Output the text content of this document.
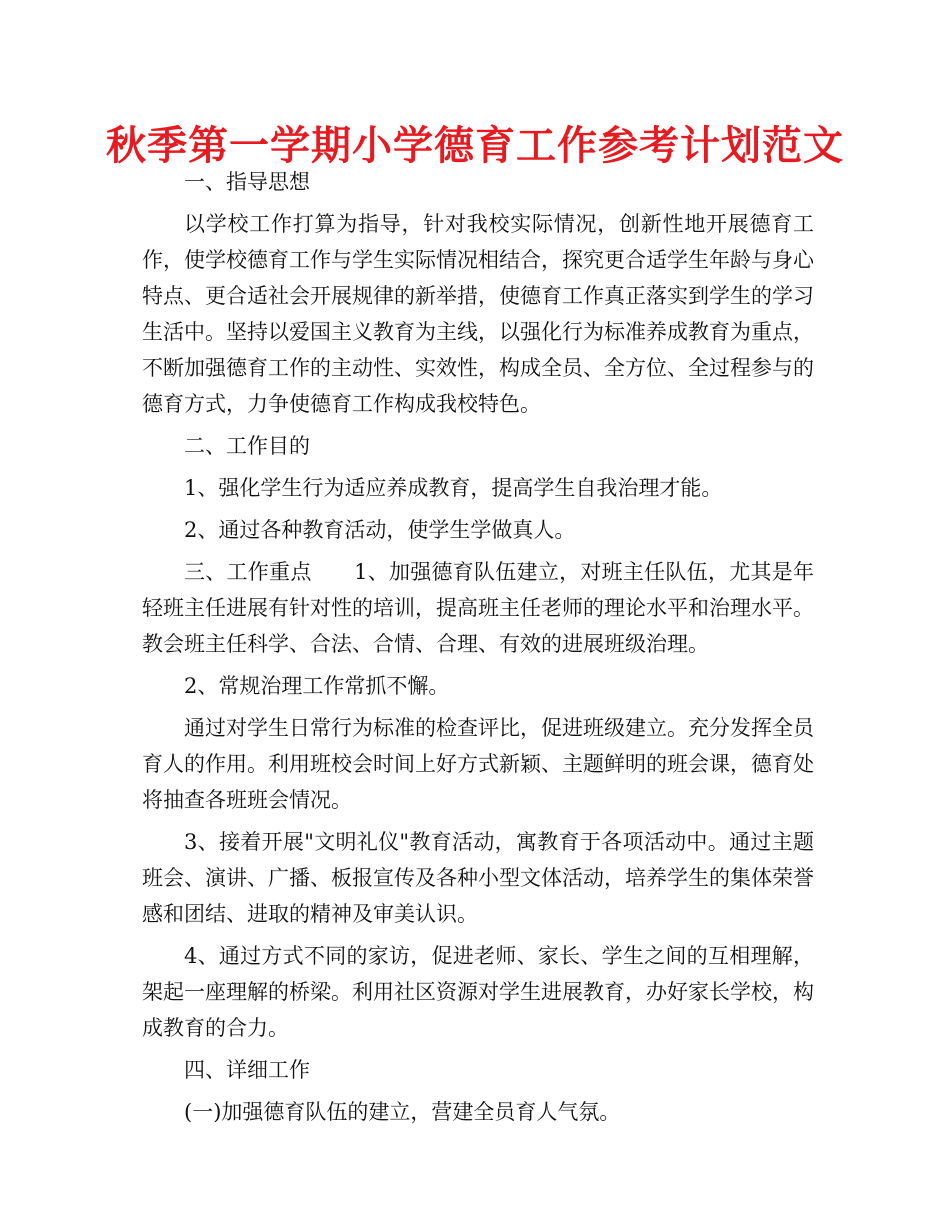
秋季第一学期小学德育工作参考计划范文

一、指导思想

以学校工作打算为指导，针对我校实际情况，创新性地开展德育工作，使学校德育工作与学生实际情况相结合，探究更合适学生年龄与身心特点、更合适社会开展规律的新举措，使德育工作真正落实到学生的学习生活中。坚持以爱国主义教育为主线，以强化行为标准养成教育为重点，不断加强德育工作的主动性、实效性，构成全员、全方位、全过程参与的德育方式，力争使德育工作构成我校特色。

二、工作目的

1、强化学生行为适应养成教育，提高学生自我治理才能。

2、通过各种教育活动，使学生学做真人。

三、工作重点　　1、加强德育队伍建立，对班主任队伍，尤其是年轻班主任进展有针对性的培训，提高班主任老师的理论水平和治理水平。教会班主任科学、合法、合情、合理、有效的进展班级治理。

2、常规治理工作常抓不懈。

通过对学生日常行为标准的检查评比，促进班级建立。充分发挥全员育人的作用。利用班校会时间上好方式新颖、主题鲜明的班会课，德育处将抽查各班班会情况。

3、接着开展"文明礼仪"教育活动，寓教育于各项活动中。通过主题班会、演讲、广播、板报宣传及各种小型文体活动，培养学生的集体荣誉感和团结、进取的精神及审美认识。

4、通过方式不同的家访，促进老师、家长、学生之间的互相理解，架起一座理解的桥梁。利用社区资源对学生进展教育，办好家长学校，构成教育的合力。

四、详细工作

(一)加强德育队伍的建立，营建全员育人气氛。
